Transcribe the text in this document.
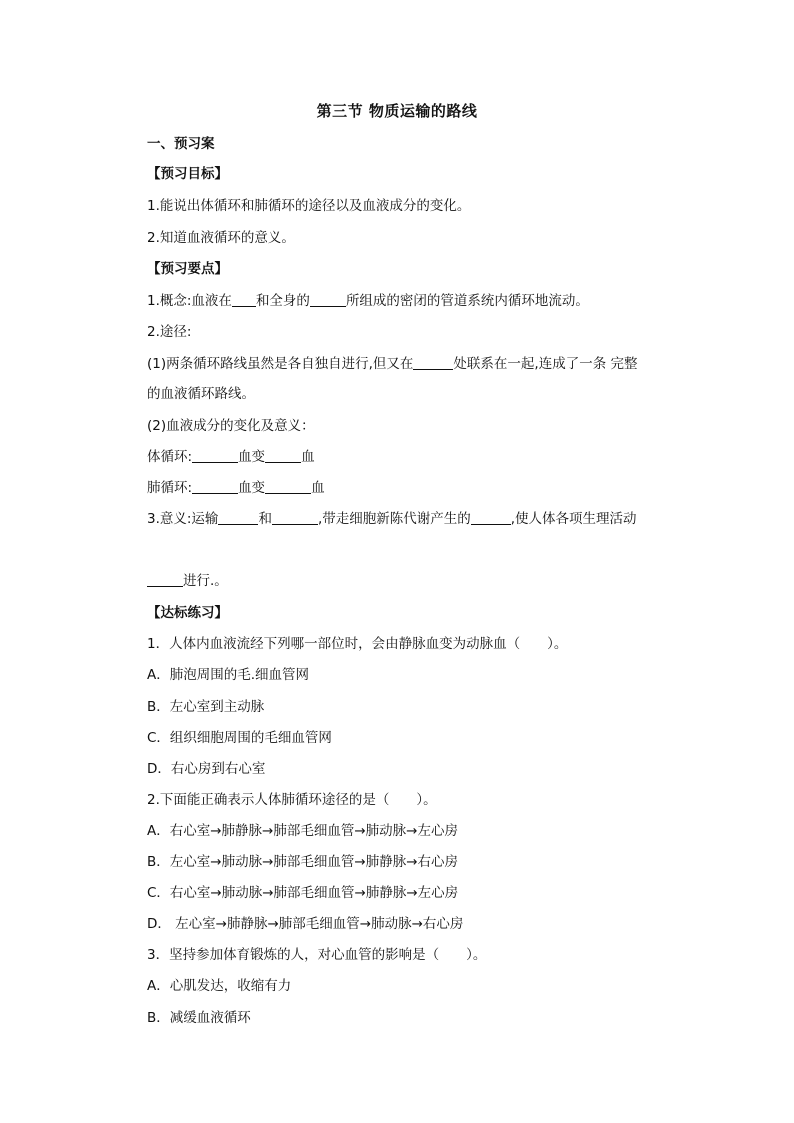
第三节 物质运输的路线
一、预习案
【预习目标】
1.能说出体循环和肺循环的途径以及血液成分的变化。
2.知道血液循环的意义。
【预习要点】
1.概念:血液在 和全身的	所组成的密闭的管道系统内循环地流动。
2.途径:
(1)两条循环路线虽然是各自独自进行,但又在	处联系在一起,连成了一条 完整
的血液循环路线。
(2)血液成分的变化及意义：
体循环:	血变	血
肺循环:	血变	血
3.意义:运输	和	,带走细胞新陈代谢产生的	,使人体各项生理活动
进行.。
【达标练习】
1．人体内血液流经下列哪一部位时，会由静脉血变为动脉血（　　）。
A．肺泡周围的毛.细血管网
B．左心室到主动脉
C．组织细胞周围的毛细血管网
D．右心房到右心室
2.下面能正确表示人体肺循环途径的是（　　）。
A．右心室→肺静脉→肺部毛细血管→肺动脉→左心房
B．左心室→肺动脉→肺部毛细血管→肺静脉→右心房
C．右心室→肺动脉→肺部毛细血管→肺静脉→左心房
D． 左心室→肺静脉→肺部毛细血管→肺动脉→右心房
3．坚持参加体育锻炼的人，对心血管的影响是（　　）。
A．心肌发达，收缩有力
B．减缓血液循环
